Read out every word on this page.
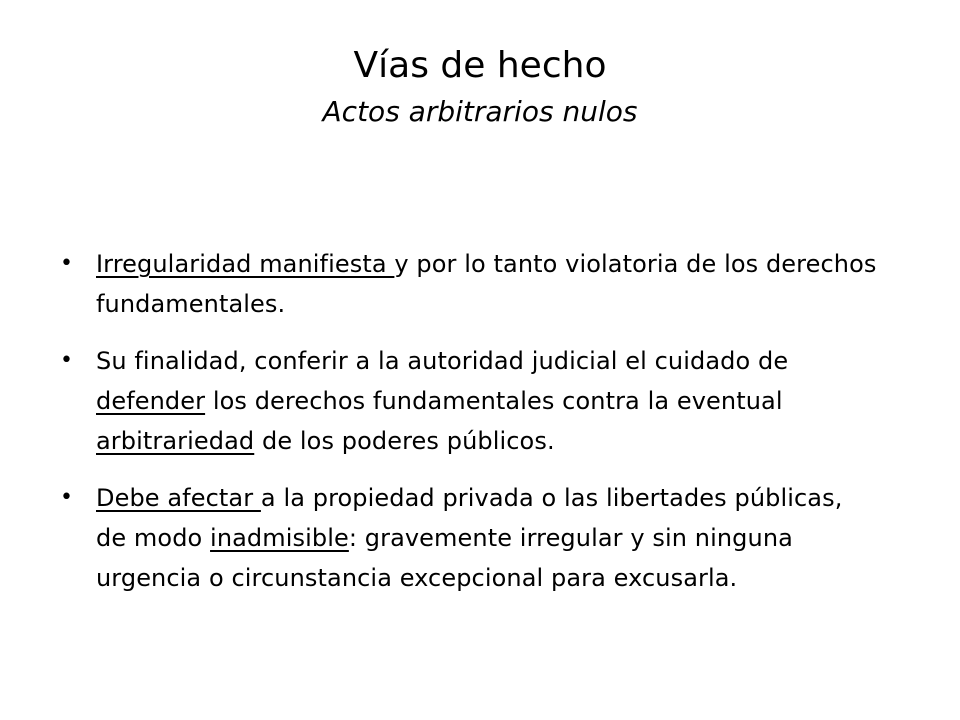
Vías de hecho

Actos arbitrarios nulos

• Irregularidad manifiesta y por lo tanto violatoria de los derechos fundamentales.
• Su finalidad, conferir a la autoridad judicial el cuidado de defender los derechos fundamentales contra la eventual arbitrariedad de los poderes públicos.
• Debe afectar a la propiedad privada o las libertades públicas, de modo inadmisible: gravemente irregular y sin ninguna urgencia o circunstancia excepcional para excusarla.
